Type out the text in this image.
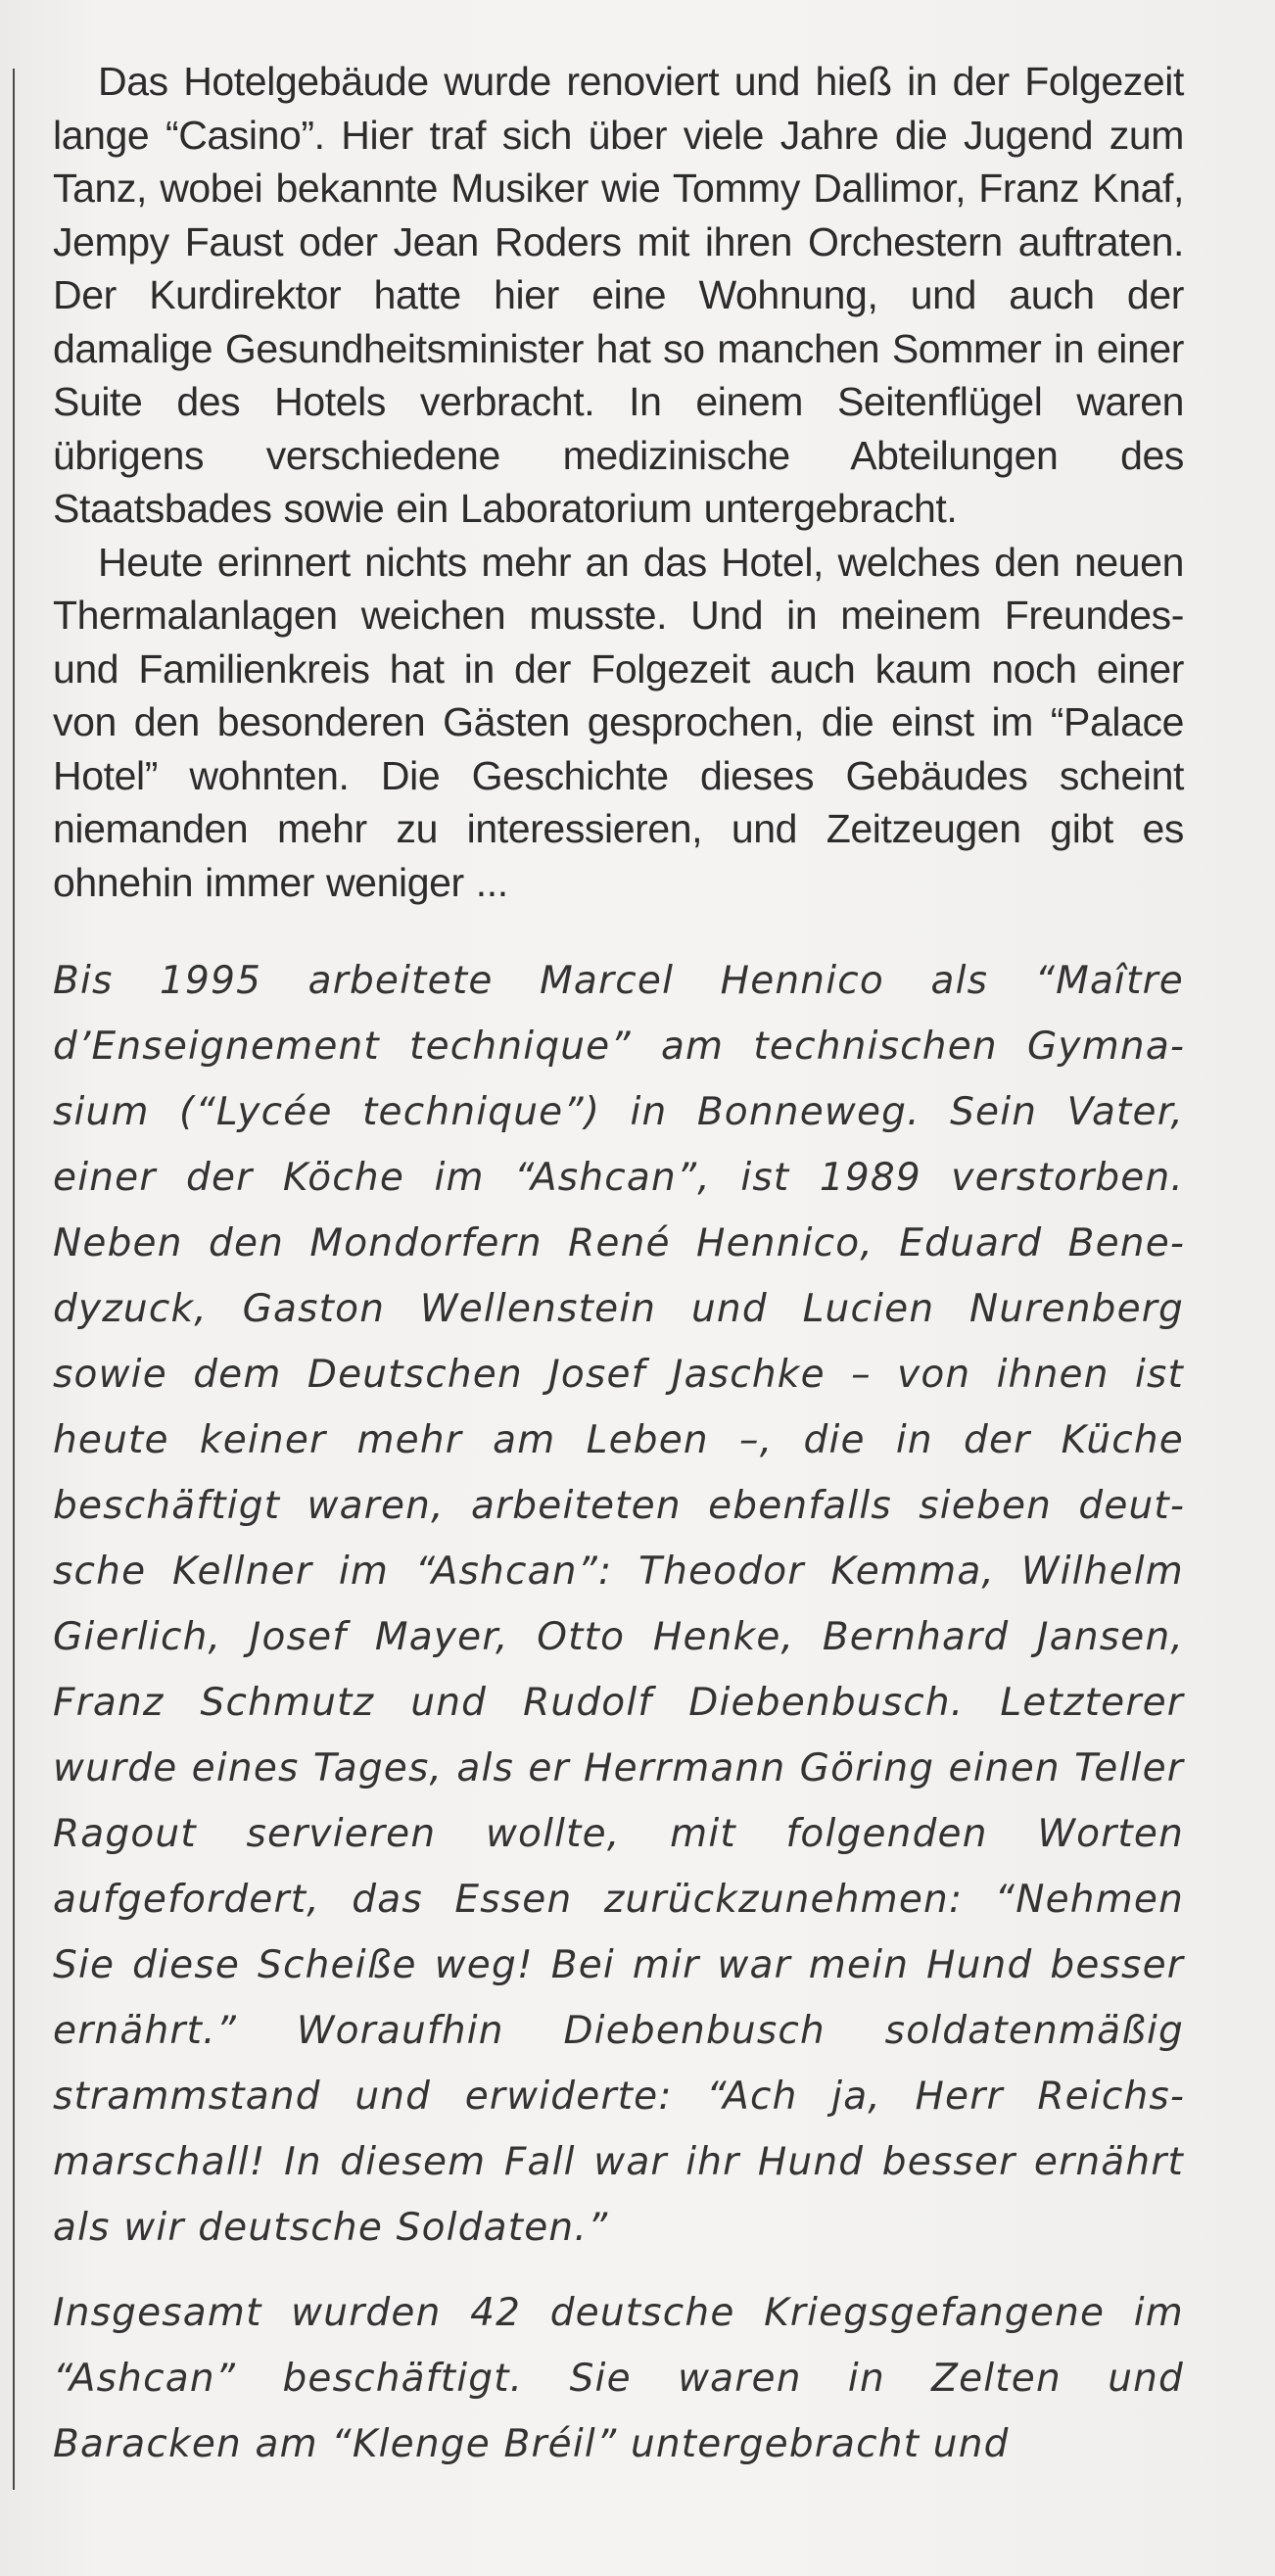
Das Hotelgebäude wurde renoviert und hieß in der Folgezeit lange “Casino”. Hier traf sich über viele Jahre die Jugend zum Tanz, wobei bekannte Musiker wie Tommy Dallimor, Franz Knaf, Jempy Faust oder Jean Roders mit ihren Orchestern auftraten. Der Kurdirektor hatte hier eine Wohnung, und auch der damalige Gesundheitsminister hat so manchen Sommer in einer Suite des Hotels verbracht. In einem Seitenflügel waren übrigens verschiedene medizinische Abteilungen des Staatsbades sowie ein Laboratorium untergebracht.

Heute erinnert nichts mehr an das Hotel, welches den neuen Thermalanlagen weichen musste. Und in meinem Freundes- und Familienkreis hat in der Folgezeit auch kaum noch einer von den besonderen Gästen gesprochen, die einst im “Palace Hotel” wohnten. Die Geschichte dieses Gebäudes scheint niemanden mehr zu interessieren, und Zeitzeugen gibt es ohnehin immer weniger ...

Bis 1995 arbeitete Marcel Hennico als “Maître d’Enseignement technique” am technischen Gymnasium (“Lycée technique”) in Bonneweg. Sein Vater, einer der Köche im “Ashcan”, ist 1989 verstorben. Neben den Mondorfern René Hennico, Eduard Benedyzuck, Gaston Wellenstein und Lucien Nurenberg sowie dem Deutschen Josef Jaschke – von ihnen ist heute keiner mehr am Leben –, die in der Küche beschäftigt waren, arbeiteten ebenfalls sieben deutsche Kellner im “Ashcan”: Theodor Kemma, Wilhelm Gierlich, Josef Mayer, Otto Henke, Bernhard Jansen, Franz Schmutz und Rudolf Diebenbusch. Letzterer wurde eines Tages, als er Herrmann Göring einen Teller Ragout servieren wollte, mit folgenden Worten aufgefordert, das Essen zurückzunehmen: “Nehmen Sie diese Scheiße weg! Bei mir war mein Hund besser ernährt.” Woraufhin Diebenbusch soldatenmäßig strammstand und erwiderte: “Ach ja, Herr Reichsmarschall! In diesem Fall war ihr Hund besser ernährt als wir deutsche Soldaten.”

Insgesamt wurden 42 deutsche Kriegsgefangene im “Ashcan” beschäftigt. Sie waren in Zelten und Baracken am “Klenge Bréil” untergebracht und
